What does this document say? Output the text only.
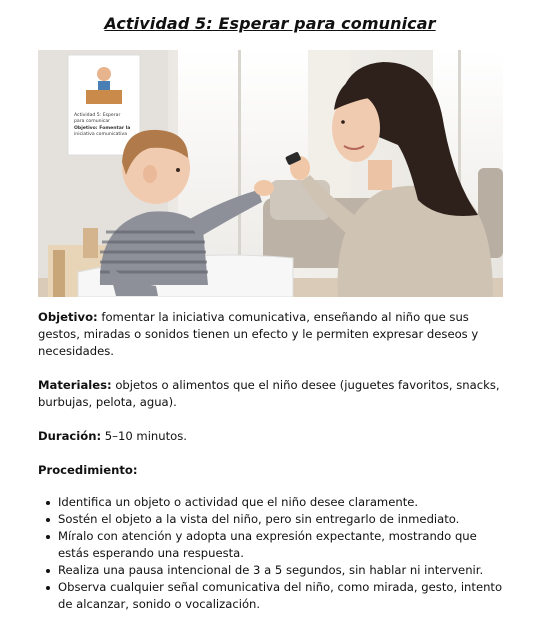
Actividad 5: Esperar para comunicar
Actividad 5: Esperar
para comunicar
Objetivo: Fomentar la
iniciativa comunicativa

Objetivo: fomentar la iniciativa comunicativa, enseñando al niño que sus gestos, miradas o sonidos tienen un efecto y le permiten expresar deseos y necesidades.

Materiales: objetos o alimentos que el niño desee (juguetes favoritos, snacks, burbujas, pelota, agua).

Duración: 5–10 minutos.

Procedimiento:

Identifica un objeto o actividad que el niño desee claramente.
Sostén el objeto a la vista del niño, pero sin entregarlo de inmediato.
Míralo con atención y adopta una expresión expectante, mostrando que estás esperando una respuesta.
Realiza una pausa intencional de 3 a 5 segundos, sin hablar ni intervenir.
Observa cualquier señal comunicativa del niño, como mirada, gesto, intento de alcanzar, sonido o vocalización.
